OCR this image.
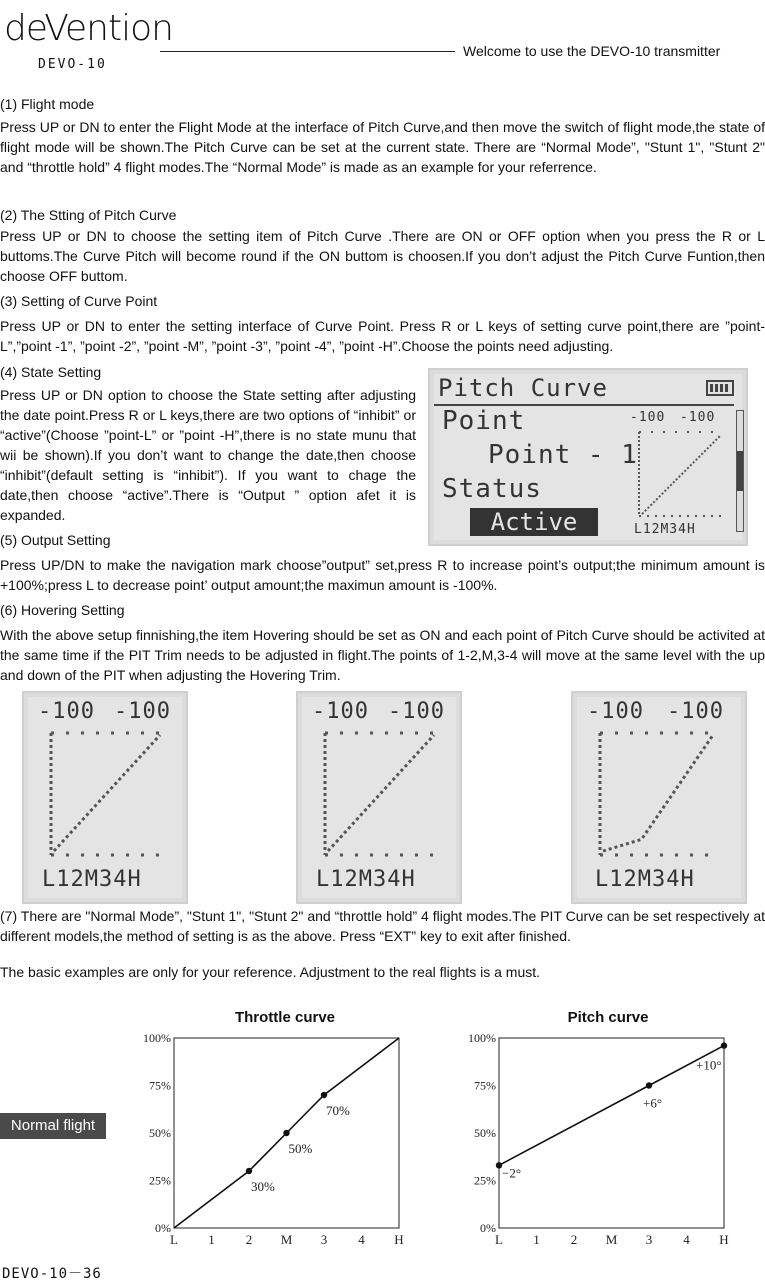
deVention
DEVO-10
Welcome to use the DEVO-10 transmitter
(1) Flight mode
Press UP or DN to enter the Flight Mode at the interface of Pitch Curve,and then move the switch of flight mode,the state of flight mode will be shown.The Pitch Curve can be set at the current state. There are “Normal Mode”, "Stunt 1", "Stunt 2" and “throttle hold” 4 flight modes.The “Normal Mode” is made as an example for your referrence.
(2) The Stting of Pitch Curve
Press UP or DN to choose the setting item of Pitch Curve .There are ON or OFF option when you press the R or L buttoms.The Curve Pitch will become round if the ON buttom is choosen.If you don’t adjust the Pitch Curve Funtion,then choose OFF buttom.
(3) Setting of Curve Point
Press UP or DN to enter the setting interface of Curve Point. Press R or L keys of setting curve point,there are ”point-L”,”point -1”, ”point -2”, ”point -M”, ”point -3”, ”point -4”, ”point -H”.Choose the points need adjusting.
(4) State Setting
Press UP or DN option to choose the State setting after adjusting the date point.Press R or L keys,there are two options of “inhibit” or “active”(Choose ”point-L” or ”point -H”,there is no state munu that wii be shown).If you don’t want to change the date,then choose “inhibit”(default setting is “inhibit”). If you want to chage the date,then choose “active”.There is “Output ” option afet it is expanded.
Pitch Curve
Point
Point - 1
Status
Active
-100 -100
L12M34H
(5) Output Setting
Press UP/DN to make the navigation mark choose”output” set,press R to increase point’s output;the minimum amount is +100%;press L to decrease point’ output amount;the maximun amount is -100%.
(6) Hovering Setting
With the above setup finnishing,the item Hovering should be set as ON and each point of Pitch Curve should be activited at the same time if the PIT Trim needs to be adjusted in flight.The points of 1-2,M,3-4 will move at the same level with the up and down of the PIT when adjusting the Hovering Trim.
-100 -100
L12M34H
-100 -100
L12M34H
-100 -100
L12M34H
(7) There are "Normal Mode”, "Stunt 1", "Stunt 2" and “throttle hold” 4 flight modes.The PIT Curve can be set respectively at different models,the method of setting is as the above. Press “EXT” key to exit after finished.
The basic examples are only for your reference. Adjustment to the real flights is a must.
Normal flight
Throttle curve
100%
75%
50%
25%
0%
L 1 2 M 3 4 H
30%
50%
70%
Pitch curve
100%
75%
50%
25%
0%
L 1 2 M 3 4 H
−2°
+6°
+10°
DEVO-10－36
